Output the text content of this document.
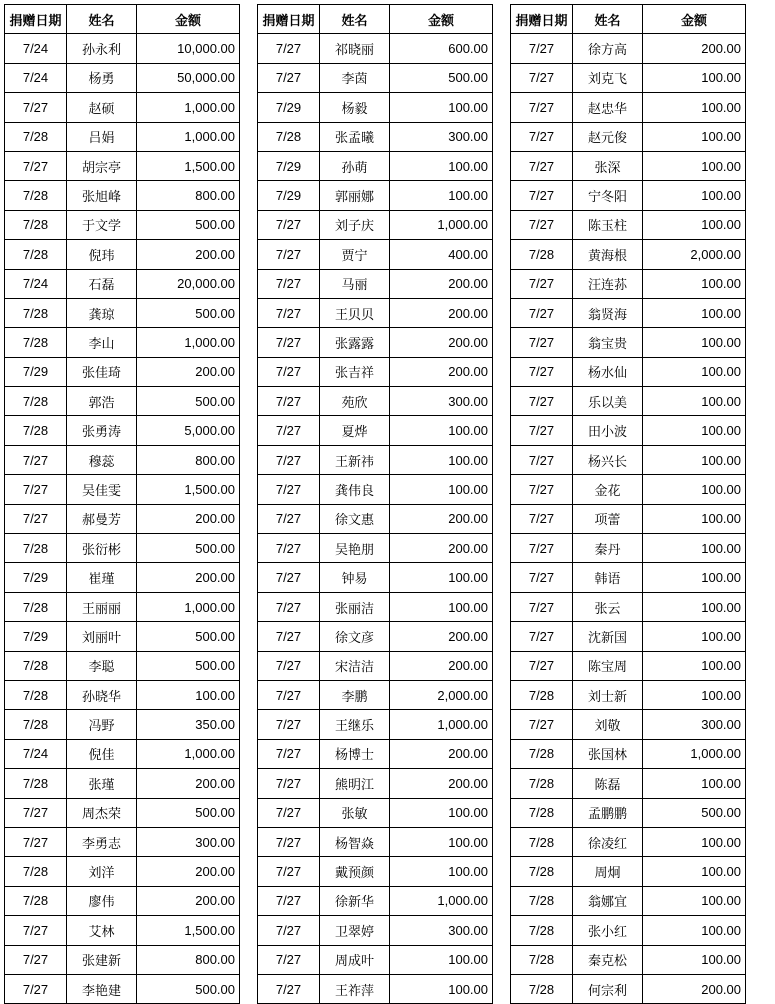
捐赠日期	姓名	金额
7/24	孙永利	10,000.00
7/24	杨勇	50,000.00
7/27	赵硕	1,000.00
7/28	吕娟	1,000.00
7/27	胡宗亭	1,500.00
7/28	张旭峰	800.00
7/28	于文学	500.00
7/28	倪玮	200.00
7/24	石磊	20,000.00
7/28	龚琼	500.00
7/28	李山	1,000.00
7/29	张佳琦	200.00
7/28	郭浩	500.00
7/28	张勇涛	5,000.00
7/27	穆蕊	800.00
7/27	吴佳雯	1,500.00
7/27	郝曼芳	200.00
7/28	张衍彬	500.00
7/29	崔瑾	200.00
7/28	王丽丽	1,000.00
7/29	刘丽叶	500.00
7/28	李聪	500.00
7/28	孙晓华	100.00
7/28	冯野	350.00
7/24	倪佳	1,000.00
7/28	张瑾	200.00
7/27	周杰荣	500.00
7/27	李勇志	300.00
7/28	刘洋	200.00
7/28	廖伟	200.00
7/27	艾林	1,500.00
7/27	张建新	800.00
7/27	李艳建	500.00
捐赠日期	姓名	金额
7/27	祁晓丽	600.00
7/27	李茵	500.00
7/29	杨毅	100.00
7/28	张孟曦	300.00
7/29	孙萌	100.00
7/29	郭丽娜	100.00
7/27	刘子庆	1,000.00
7/27	贾宁	400.00
7/27	马丽	200.00
7/27	王贝贝	200.00
7/27	张露露	200.00
7/27	张吉祥	200.00
7/27	苑欣	300.00
7/27	夏烨	100.00
7/27	王新祎	100.00
7/27	龚伟良	100.00
7/27	徐文惠	200.00
7/27	吴艳朋	200.00
7/27	钟易	100.00
7/27	张丽洁	100.00
7/27	徐文彦	200.00
7/27	宋洁洁	200.00
7/27	李鹏	2,000.00
7/27	王继乐	1,000.00
7/27	杨博士	200.00
7/27	熊明江	200.00
7/27	张敏	100.00
7/27	杨智焱	100.00
7/27	戴预颜	100.00
7/27	徐新华	1,000.00
7/27	卫翠婷	300.00
7/27	周成叶	100.00
7/27	王祚萍	100.00
捐赠日期	姓名	金额
7/27	徐方高	200.00
7/27	刘克飞	100.00
7/27	赵忠华	100.00
7/27	赵元俊	100.00
7/27	张深	100.00
7/27	宁冬阳	100.00
7/27	陈玉柱	100.00
7/28	黄海根	2,000.00
7/27	汪连荪	100.00
7/27	翁贤海	100.00
7/27	翁宝贵	100.00
7/27	杨水仙	100.00
7/27	乐以美	100.00
7/27	田小波	100.00
7/27	杨兴长	100.00
7/27	金花	100.00
7/27	项蕾	100.00
7/27	秦丹	100.00
7/27	韩语	100.00
7/27	张云	100.00
7/27	沈新国	100.00
7/27	陈宝周	100.00
7/28	刘士新	100.00
7/27	刘敬	300.00
7/28	张国林	1,000.00
7/28	陈磊	100.00
7/28	孟鹏鹏	500.00
7/28	徐凌红	100.00
7/28	周炯	100.00
7/28	翁娜宜	100.00
7/28	张小红	100.00
7/28	秦克松	100.00
7/28	何宗利	200.00
